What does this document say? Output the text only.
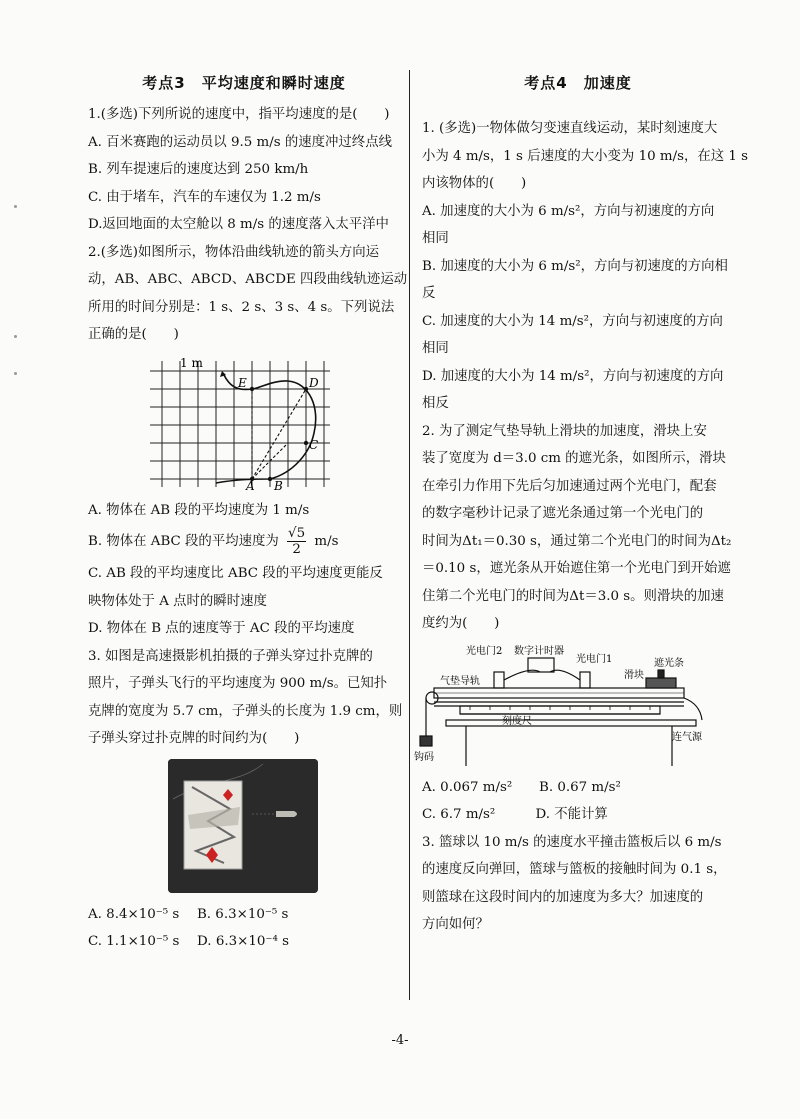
考点3　平均速度和瞬时速度

1.(多选)下列所说的速度中，指平均速度的是(　　)

A. 百米赛跑的运动员以 9.5 m/s 的速度冲过终点线

B. 列车提速后的速度达到 250 km/h

C. 由于堵车，汽车的车速仅为 1.2 m/s

D.返回地面的太空舱以 8 m/s 的速度落入太平洋中

2.(多选)如图所示，物体沿曲线轨迹的箭头方向运

动，AB、ABC、ABCD、ABCDE 四段曲线轨迹运动

所用的时间分别是：1 s、2 s、3 s、4 s。下列说法

正确的是(　　)

1 m
A B
C
D
E

A. 物体在 AB 段的平均速度为 1 m/s

B. 物体在 ABC 段的平均速度为 $\frac{√5}{2} m/s$

C. AB 段的平均速度比 ABC 段的平均速度更能反

映物体处于 A 点时的瞬时速度

D. 物体在 B 点的速度等于 AC 段的平均速度

3. 如图是高速摄影机拍摄的子弹头穿过扑克牌的

照片，子弹头飞行的平均速度为 900 m/s。已知扑

克牌的宽度为 5.7 cm，子弹头的长度为 1.9 cm，则

子弹头穿过扑克牌的时间约为(　　)

A. 8.4×10⁻⁵ s　 B. 6.3×10⁻⁵ s

C. 1.1×10⁻⁵ s　 D. 6.3×10⁻⁴ s

考点4　加速度

1. (多选)一物体做匀变速直线运动，某时刻速度大

小为 4 m/s，1 s 后速度的大小变为 10 m/s，在这 1 s

内该物体的(　　)

A. 加速度的大小为 6 m/s²，方向与初速度的方向

相同

B. 加速度的大小为 6 m/s²，方向与初速度的方向相

反

C. 加速度的大小为 14 m/s²，方向与初速度的方向

相同

D. 加速度的大小为 14 m/s²，方向与初速度的方向

相反

2. 为了测定气垫导轨上滑块的加速度，滑块上安

装了宽度为 d＝3.0 cm 的遮光条，如图所示，滑块

在牵引力作用下先后匀加速通过两个光电门，配套

的数字毫秒计记录了遮光条通过第一个光电门的

时间为Δt₁＝0.30 s，通过第二个光电门的时间为Δt₂

＝0.10 s，遮光条从开始遮住第一个光电门到开始遮

住第二个光电门的时间为Δt＝3.0 s。则滑块的加速

度约为(　　)

光电门2 数字计时器
光电门1
气垫导轨
滑块
遮光条
刻度尺
连气源
钩码

A. 0.067 m/s²　　B. 0.67 m/s²

C. 6.7 m/s²　　　D. 不能计算

3. 篮球以 10 m/s 的速度水平撞击篮板后以 6 m/s

的速度反向弹回，篮球与篮板的接触时间为 0.1 s，

则篮球在这段时间内的加速度为多大？加速度的

方向如何？

-4-
